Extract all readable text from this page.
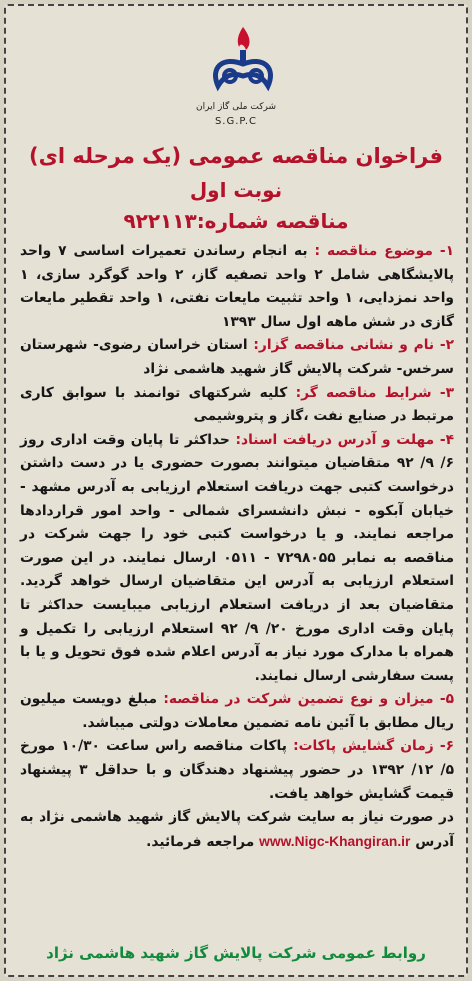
شرکت ملی گاز ایران
S.G.P.C
فراخوان مناقصه عمومی (یک مرحله ای)
نوبت اول
مناقصه شماره:۹۲۲۱۱۳

۱- موضوع مناقصه : به انجام رساندن تعمیرات اساسی ۷ واحد پالایشگاهی شامل ۲ واحد تصفیه گاز، ۲ واحد گوگرد سازی، ۱ واحد نمزدایی، ۱ واحد تثبیت مایعات نفتی، ۱ واحد تقطیر مایعات گازی در شش ماهه اول سال ۱۳۹۳

۲- نام و نشانی مناقصه گزار: استان خراسان رضوی- شهرستان سرخس- شرکت پالایش گاز شهید هاشمی نژاد

۳- شرایط مناقصه گر: کلیه شرکتهای توانمند با سوابق کاری مرتبط در صنایع نفت ،گاز و پتروشیمی

۴- مهلت و آدرس دریافت اسناد: حداکثر تا پایان وقت اداری روز ۶/ ۹/ ۹۲ متقاضیان میتوانند بصورت حضوری یا در دست داشتن درخواست کتبی جهت دریافت استعلام ارزیابی به آدرس مشهد - خیابان آبکوه - نبش دانشسرای شمالی - واحد امور قراردادها مراجعه نمایند. و یا درخواست کتبی خود را جهت شرکت در مناقصه به نمابر ۷۲۹۸۰۵۵ - ۰۵۱۱ ارسال نمایند. در این صورت استعلام ارزیابی به آدرس این متقاضیان ارسال خواهد گردید. متقاضیان بعد از دریافت استعلام ارزیابی میبایست حداکثر تا پایان وقت اداری مورخ ۲۰/ ۹/ ۹۲ استعلام ارزیابی را تکمیل و همراه با مدارک مورد نیاز به آدرس اعلام شده فوق تحویل و یا با پست سفارشی ارسال نمایند.

۵- میزان و نوع تضمین شرکت در مناقصه: مبلغ دویست میلیون ریال مطابق با آئین نامه تضمین معاملات دولتی میباشد.

۶- زمان گشایش پاکات: پاکات مناقصه راس ساعت ۱۰/۳۰ مورخ ۵/ ۱۲/ ۱۳۹۲ در حضور پیشنهاد دهندگان و با حداقل ۳ پیشنهاد قیمت گشایش خواهد یافت.

در صورت نیاز به سایت شرکت پالایش گاز شهید هاشمی نژاد به آدرس www.Nigc-Khangiran.ir مراجعه فرمائید.

روابط عمومی شرکت پالایش گاز شهید هاشمی نژاد
